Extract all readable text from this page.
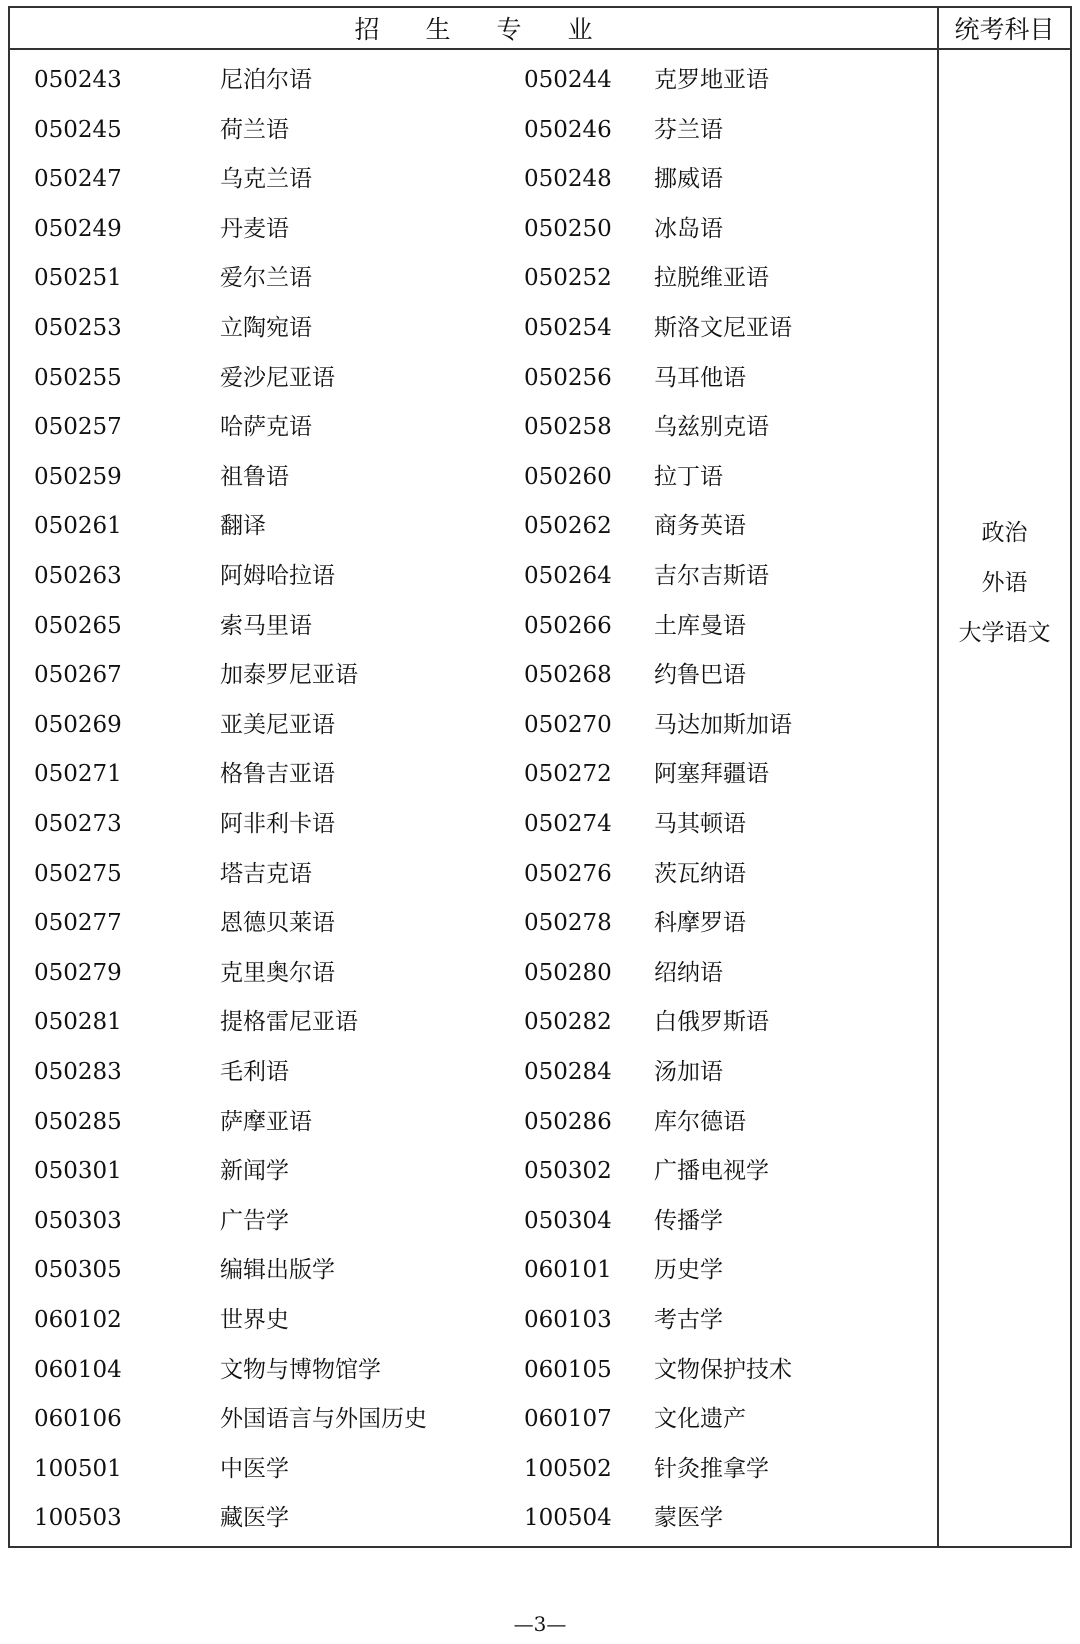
招生专业	统考科目
050243	尼泊尔语	050244 克罗地亚语
050245	荷兰语	050246 芬兰语
050247	乌克兰语	050248 挪威语
050249	丹麦语	050250 冰岛语
050251	爱尔兰语	050252 拉脱维亚语
050253	立陶宛语	050254 斯洛文尼亚语
050255	爱沙尼亚语	050256 马耳他语
050257	哈萨克语	050258 乌兹别克语
050259	祖鲁语	050260 拉丁语
050261	翻译	050262 商务英语
050263	阿姆哈拉语	050264 吉尔吉斯语
050265	索马里语	050266 土库曼语
050267	加泰罗尼亚语	050268 约鲁巴语
050269	亚美尼亚语	050270 马达加斯加语
050271	格鲁吉亚语	050272 阿塞拜疆语
050273	阿非利卡语	050274 马其顿语
050275	塔吉克语	050276 茨瓦纳语
050277	恩德贝莱语	050278 科摩罗语
050279	克里奥尔语	050280 绍纳语
050281	提格雷尼亚语	050282 白俄罗斯语
050283	毛利语	050284 汤加语
050285	萨摩亚语	050286 库尔德语
050301	新闻学	050302 广播电视学
050303	广告学	050304 传播学
050305	编辑出版学	060101 历史学
060102	世界史	060103 考古学
060104	文物与博物馆学	060105 文物保护技术
060106	外国语言与外国历史	060107 文化遗产
100501	中医学	100502 针灸推拿学
100503	藏医学	100504 蒙医学
政治
外语
大学语文
—3—
